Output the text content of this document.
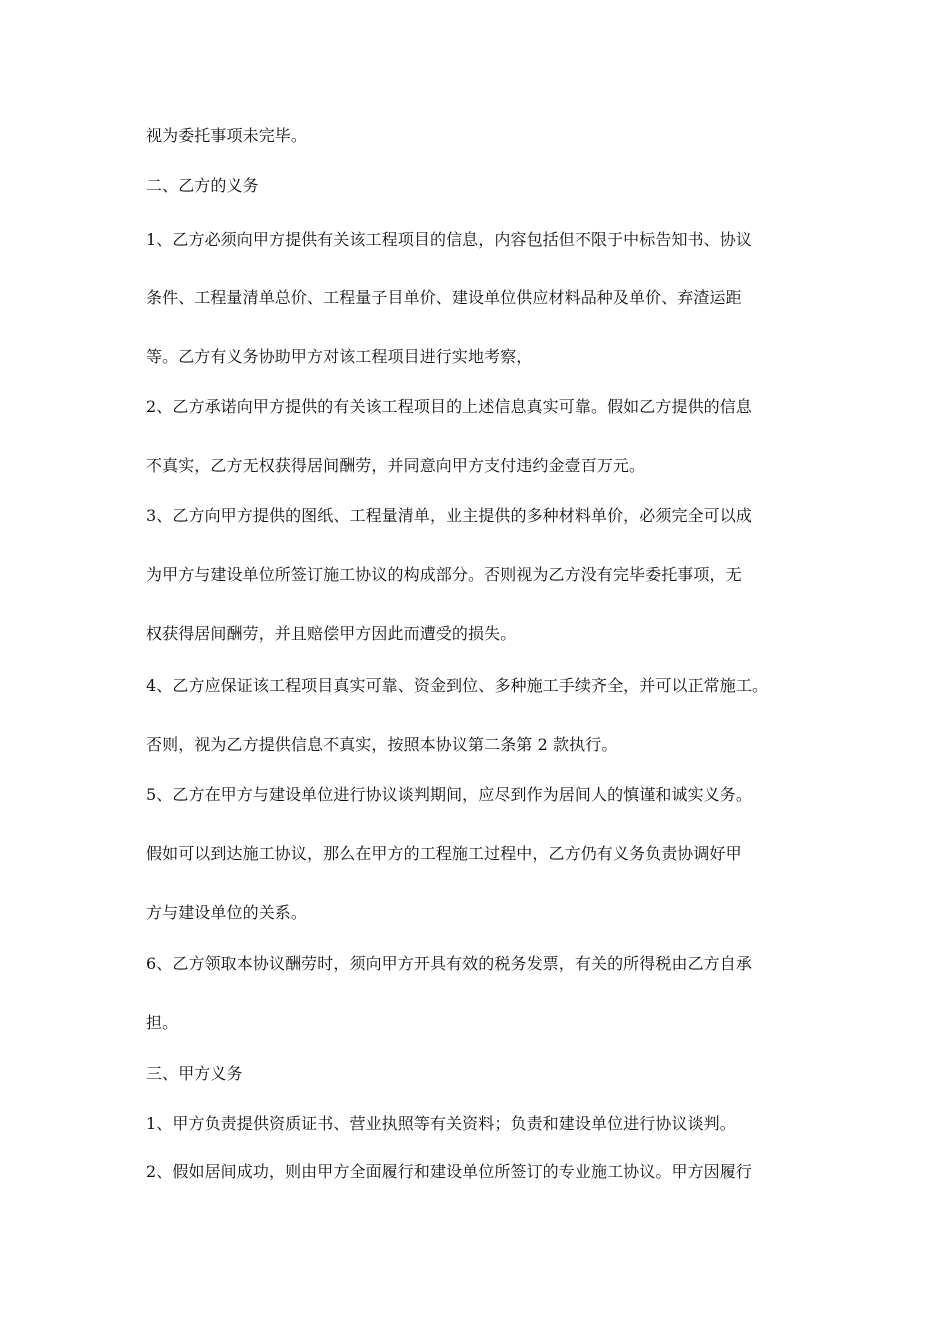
视为委托事项未完毕。
二、乙方的义务
1、乙方必须向甲方提供有关该工程项目的信息，内容包括但不限于中标告知书、协议
条件、工程量清单总价、工程量子目单价、建设单位供应材料品种及单价、弃渣运距
等。乙方有义务协助甲方对该工程项目进行实地考察，
2、乙方承诺向甲方提供的有关该工程项目的上述信息真实可靠。假如乙方提供的信息
不真实，乙方无权获得居间酬劳，并同意向甲方支付违约金壹百万元。
3、乙方向甲方提供的图纸、工程量清单，业主提供的多种材料单价，必须完全可以成
为甲方与建设单位所签订施工协议的构成部分。否则视为乙方没有完毕委托事项，无
权获得居间酬劳，并且赔偿甲方因此而遭受的损失。
4、乙方应保证该工程项目真实可靠、资金到位、多种施工手续齐全，并可以正常施工。
否则，视为乙方提供信息不真实，按照本协议第二条第 2 款执行。
5、乙方在甲方与建设单位进行协议谈判期间，应尽到作为居间人的慎谨和诚实义务。
假如可以到达施工协议，那么在甲方的工程施工过程中，乙方仍有义务负责协调好甲
方与建设单位的关系。
6、乙方领取本协议酬劳时，须向甲方开具有效的税务发票，有关的所得税由乙方自承
担。
三、甲方义务
1、甲方负责提供资质证书、营业执照等有关资料；负责和建设单位进行协议谈判。
2、假如居间成功，则由甲方全面履行和建设单位所签订的专业施工协议。甲方因履行
